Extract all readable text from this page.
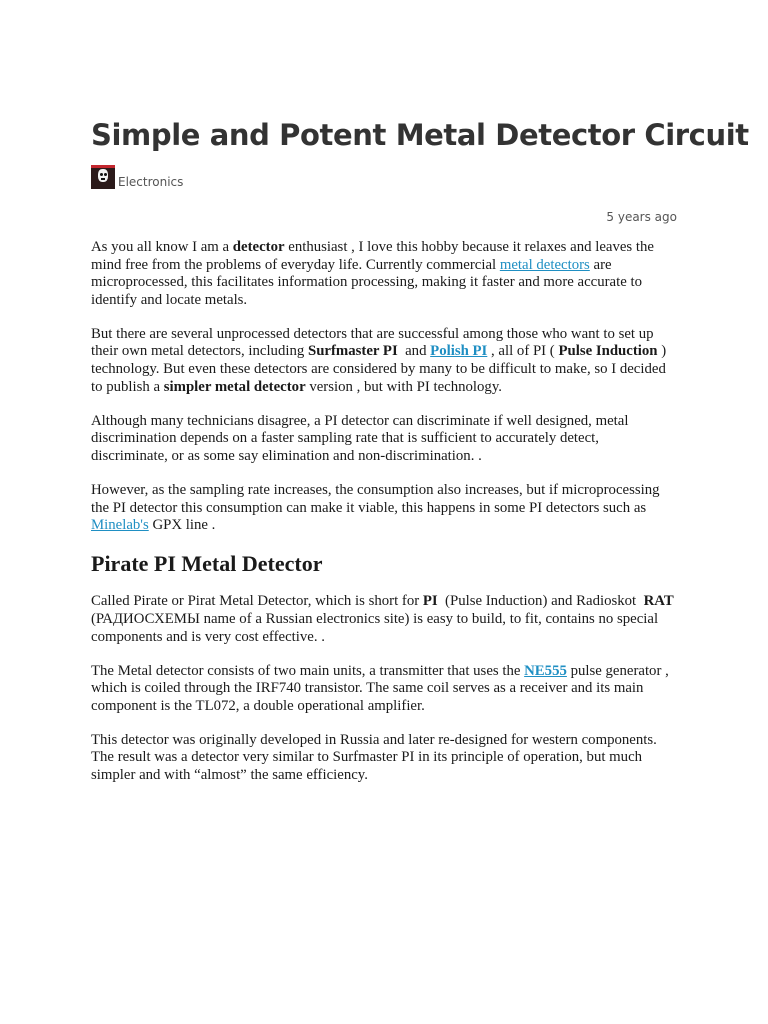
Simple and Potent Metal Detector Circuit
Electronics
5 years ago

As you all know I am a detector enthusiast , I love this hobby because it relaxes and leaves the mind free from the problems of everyday life. Currently commercial metal detectors are microprocessed, this facilitates information processing, making it faster and more accurate to identify and locate metals.

But there are several unprocessed detectors that are successful among those who want to set up their own metal detectors, including Surfmaster PI  and Polish PI , all of PI ( Pulse Induction ) technology. But even these detectors are considered by many to be difficult to make, so I decided to publish a simpler metal detector version , but with PI technology.

Although many technicians disagree, a PI detector can discriminate if well designed, metal discrimination depends on a faster sampling rate that is sufficient to accurately detect, discriminate, or as some say elimination and non-discrimination. .

However, as the sampling rate increases, the consumption also increases, but if microprocessing the PI detector this consumption can make it viable, this happens in some PI detectors such as Minelab's GPX line .

Pirate PI Metal Detector

Called Pirate or Pirat Metal Detector, which is short for PI  (Pulse Induction) and Radioskot  RAT (РАДИОСХЕМЫ name of a Russian electronics site) is easy to build, to fit, contains no special components and is very cost effective. .

The Metal detector consists of two main units, a transmitter that uses the NE555 pulse generator , which is coiled through the IRF740 transistor. The same coil serves as a receiver and its main component is the TL072, a double operational amplifier.

This detector was originally developed in Russia and later re-designed for western components. The result was a detector very similar to Surfmaster PI in its principle of operation, but much simpler and with “almost” the same efficiency.
